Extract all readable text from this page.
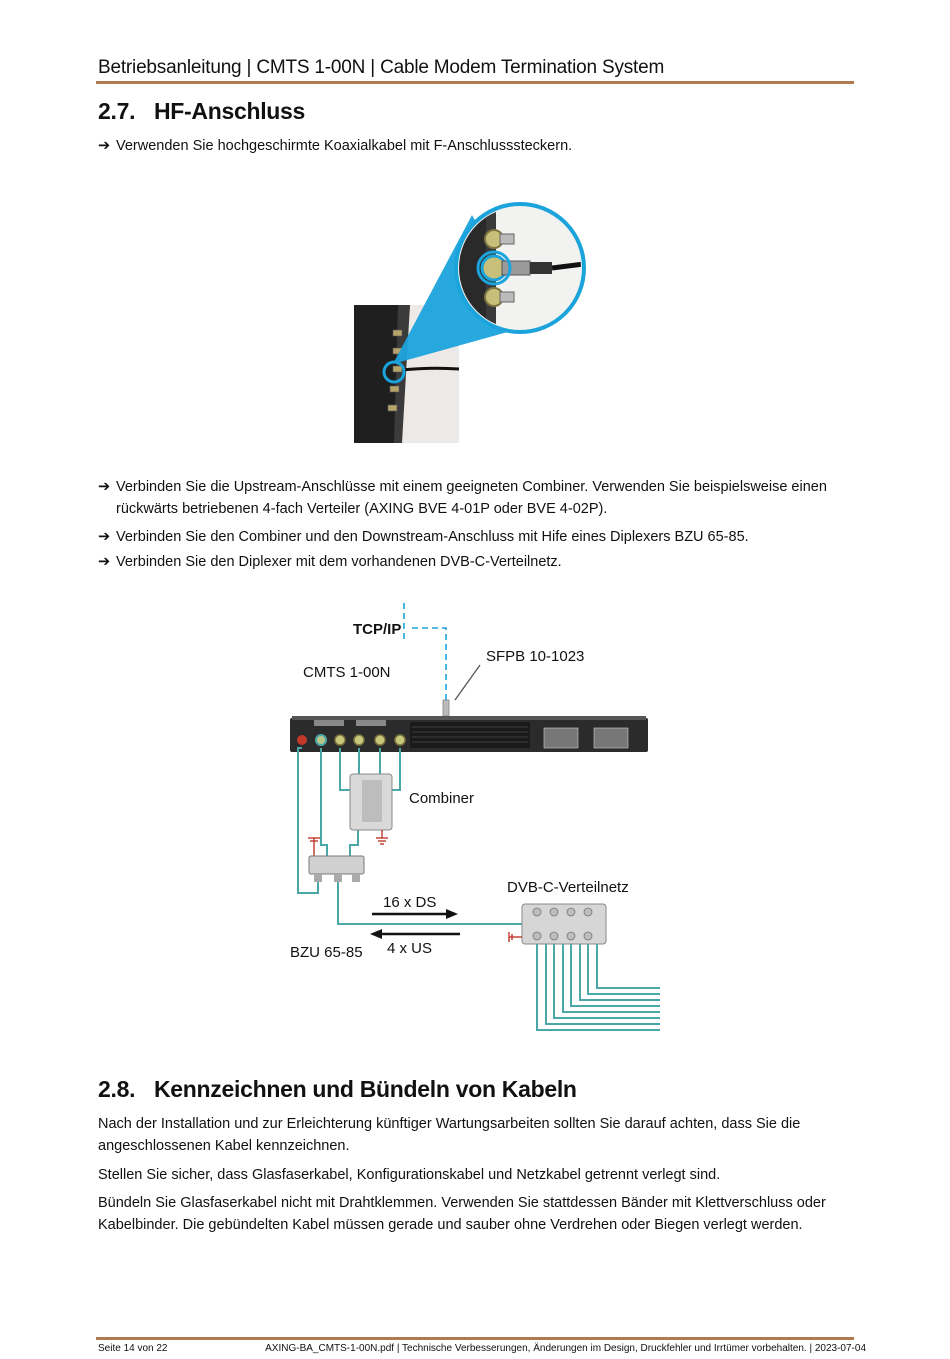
Betriebsanleitung | CMTS 1-00N | Cable Modem Termination System
2.7. HF-Anschluss
➔ Verwenden Sie hochgeschirmte Koaxialkabel mit F-Anschlusssteckern.
➔ Verbinden Sie die Upstream-Anschlüsse mit einem geeigneten Combiner. Verwenden Sie beispielsweise einen
rückwärts betriebenen 4-fach Verteiler (AXING BVE 4-01P oder BVE 4-02P).
➔ Verbinden Sie den Combiner und den Downstream-Anschluss mit Hife eines Diplexers BZU 65-85.
➔ Verbinden Sie den Diplexer mit dem vorhandenen DVB-C-Verteilnetz.
TCP/IP
SFPB 10-1023
CMTS 1-00N
Combiner
BZU 65-85
16 x DS
4 x US
DVB-C-Verteilnetz
2.8. Kennzeichnen und Bündeln von Kabeln
Nach der Installation und zur Erleichterung künftiger Wartungsarbeiten sollten Sie darauf achten, dass Sie die
angeschlossenen Kabel kennzeichnen.
Stellen Sie sicher, dass Glasfaserkabel, Konfigurationskabel und Netzkabel getrennt verlegt sind.
Bündeln Sie Glasfaserkabel nicht mit Drahtklemmen. Verwenden Sie stattdessen Bänder mit Klettverschluss oder
Kabelbinder. Die gebündelten Kabel müssen gerade und sauber ohne Verdrehen oder Biegen verlegt werden.
Seite 14 von 22	AXING-BA_CMTS-1-00N.pdf | Technische Verbesserungen, Änderungen im Design, Druckfehler und Irrtümer vorbehalten. | 2023-07-04
